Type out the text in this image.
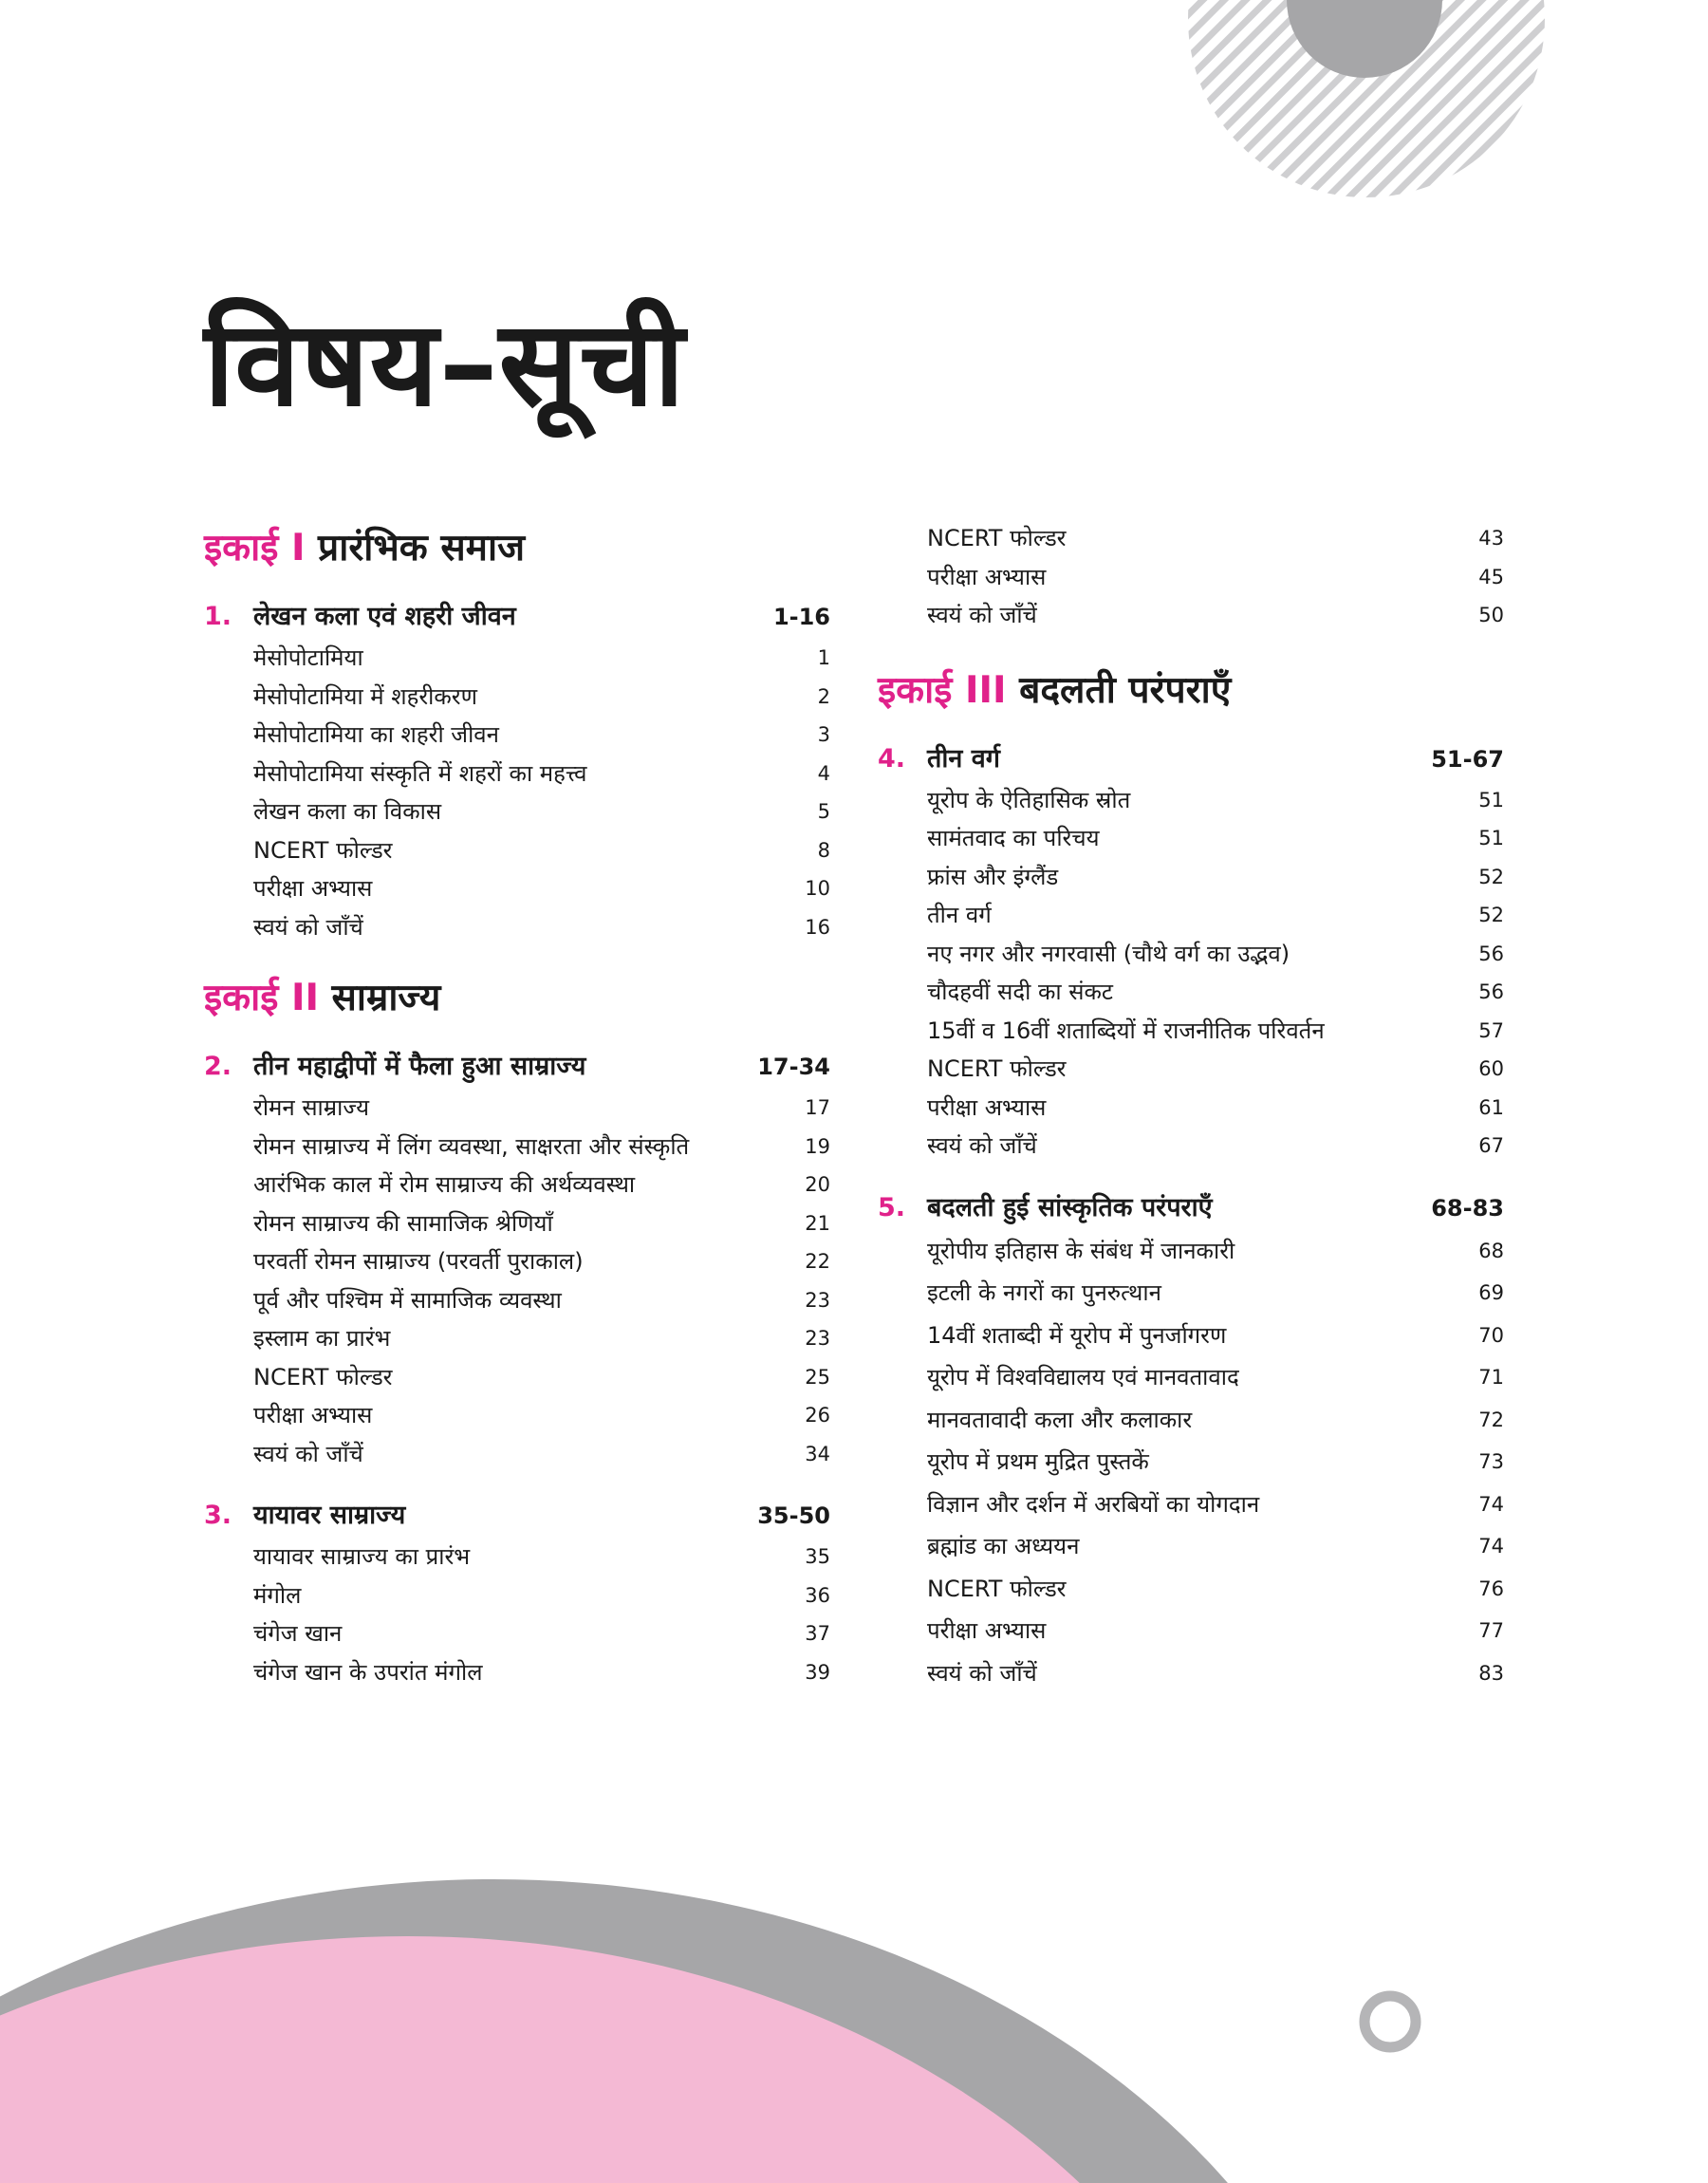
विषय–सूची
इकाई I प्रारंभिक समाज
1. लेखन कला एवं शहरी जीवन	1-16
मेसोपोटामिया	1
मेसोपोटामिया में शहरीकरण	2
मेसोपोटामिया का शहरी जीवन	3
मेसोपोटामिया संस्कृति में शहरों का महत्त्व	4
लेखन कला का विकास	5
NCERT फोल्डर	8
परीक्षा अभ्यास	10
स्वयं को जाँचें	16
इकाई II साम्राज्य
2. तीन महाद्वीपों में फैला हुआ साम्राज्य	17-34
रोमन साम्राज्य	17
रोमन साम्राज्य में लिंग व्यवस्था, साक्षरता और संस्कृति	19
आरंभिक काल में रोम साम्राज्य की अर्थव्यवस्था	20
रोमन साम्राज्य की सामाजिक श्रेणियाँ	21
परवर्ती रोमन साम्राज्य (परवर्ती पुराकाल)	22
पूर्व और पश्चिम में सामाजिक व्यवस्था	23
इस्लाम का प्रारंभ	23
NCERT फोल्डर	25
परीक्षा अभ्यास	26
स्वयं को जाँचें	34
3. यायावर साम्राज्य	35-50
यायावर साम्राज्य का प्रारंभ	35
मंगोल	36
चंगेज खान	37
चंगेज खान के उपरांत मंगोल	39
NCERT फोल्डर	43
परीक्षा अभ्यास	45
स्वयं को जाँचें	50
इकाई III बदलती परंपराएँ
4. तीन वर्ग	51-67
यूरोप के ऐतिहासिक स्रोत	51
सामंतवाद का परिचय	51
फ्रांस और इंग्लैंड	52
तीन वर्ग	52
नए नगर और नगरवासी (चौथे वर्ग का उद्भव)	56
चौदहवीं सदी का संकट	56
15वीं व 16वीं शताब्दियों में राजनीतिक परिवर्तन	57
NCERT फोल्डर	60
परीक्षा अभ्यास	61
स्वयं को जाँचें	67
5. बदलती हुई सांस्कृतिक परंपराएँ	68-83
यूरोपीय इतिहास के संबंध में जानकारी	68
इटली के नगरों का पुनरुत्थान	69
14वीं शताब्दी में यूरोप में पुनर्जागरण	70
यूरोप में विश्वविद्यालय एवं मानवतावाद	71
मानवतावादी कला और कलाकार	72
यूरोप में प्रथम मुद्रित पुस्तकें	73
विज्ञान और दर्शन में अरबियों का योगदान	74
ब्रह्मांड का अध्ययन	74
NCERT फोल्डर	76
परीक्षा अभ्यास	77
स्वयं को जाँचें	83
